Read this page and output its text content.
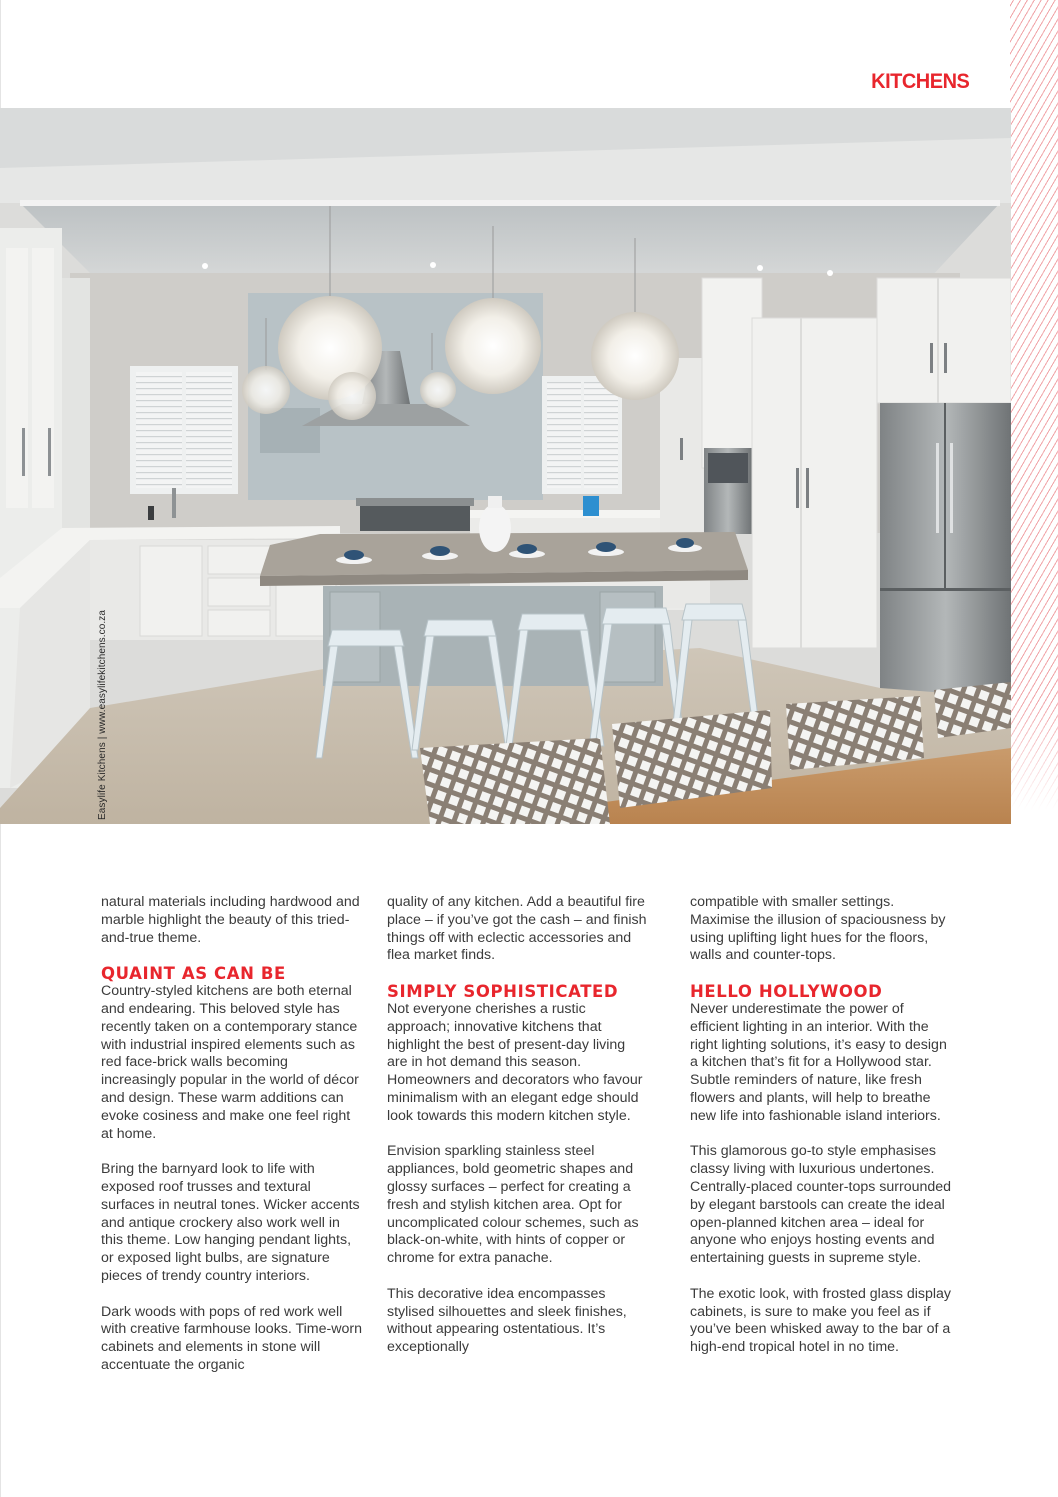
KITCHENS
Easylife Kitchens | www.easylifekitchens.co.za

natural materials including hardwood and marble highlight the beauty of this tried-and-true theme.

QUAINT AS CAN BE

Country-styled kitchens are both eternal and endearing. This beloved style has recently taken on a contemporary stance with industrial inspired elements such as red face-brick walls becoming increasingly popular in the world of décor and design. These warm additions can evoke cosiness and make one feel right at home.

Bring the barnyard look to life with exposed roof trusses and textural surfaces in neutral tones. Wicker accents and antique crockery also work well in this theme. Low hanging pendant lights, or exposed light bulbs, are signature pieces of trendy country interiors.

Dark woods with pops of red work well with creative farmhouse looks. Time-worn cabinets and elements in stone will accentuate the organic

quality of any kitchen. Add a beautiful fire place – if you’ve got the cash – and finish things off with eclectic accessories and flea market finds.

SIMPLY SOPHISTICATED

Not everyone cherishes a rustic approach; innovative kitchens that highlight the best of present-day living are in hot demand this season. Homeowners and decorators who favour minimalism with an elegant edge should look towards this modern kitchen style.

Envision sparkling stainless steel appliances, bold geometric shapes and glossy surfaces – perfect for creating a fresh and stylish kitchen area. Opt for uncomplicated colour schemes, such as black-on-white, with hints of copper or chrome for extra panache.

This decorative idea encompasses stylised silhouettes and sleek finishes, without appearing ostentatious. It’s exceptionally

compatible with smaller settings. Maximise the illusion of spaciousness by using uplifting light hues for the floors, walls and counter-tops.

HELLO HOLLYWOOD

Never underestimate the power of efficient lighting in an interior. With the right lighting solutions, it’s easy to design a kitchen that’s fit for a Hollywood star. Subtle reminders of nature, like fresh flowers and plants, will help to breathe new life into fashionable island interiors.

This glamorous go-to style emphasises classy living with luxurious undertones. Centrally-placed counter-tops surrounded by elegant barstools can create the ideal open-planned kitchen area – ideal for anyone who enjoys hosting events and entertaining guests in supreme style.

The exotic look, with frosted glass display cabinets, is sure to make you feel as if you’ve been whisked away to the bar of a high-end tropical hotel in no time.
